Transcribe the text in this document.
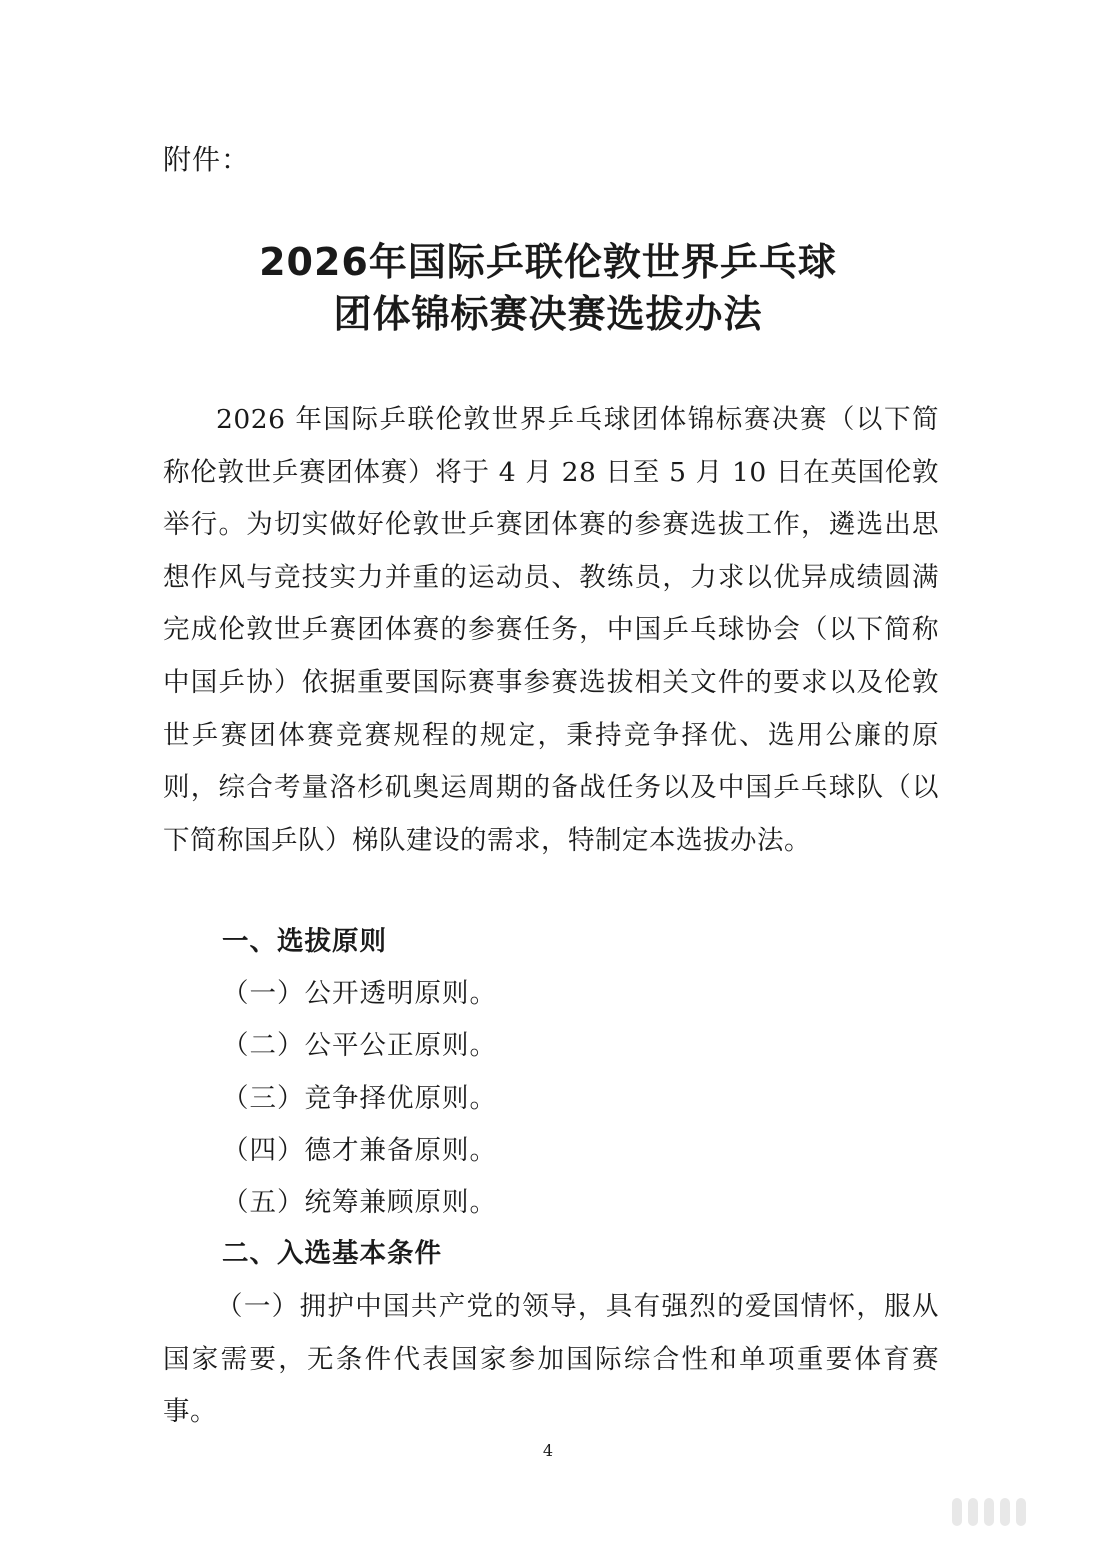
附件：
2026年国际乒联伦敦世界乒乓球
团体锦标赛决赛选拔办法

2026 年国际乒联伦敦世界乒乓球团体锦标赛决赛（以下简称伦敦世乒赛团体赛）将于 4 月 28 日至 5 月 10 日在英国伦敦举行。为切实做好伦敦世乒赛团体赛的参赛选拔工作，遴选出思想作风与竞技实力并重的运动员、教练员，力求以优异成绩圆满完成伦敦世乒赛团体赛的参赛任务，中国乒乓球协会（以下简称中国乒协）依据重要国际赛事参赛选拔相关文件的要求以及伦敦世乒赛团体赛竞赛规程的规定，秉持竞争择优、选用公廉的原则，综合考量洛杉矶奥运周期的备战任务以及中国乒乓球队（以下简称国乒队）梯队建设的需求，特制定本选拔办法。

一、选拔原则
（一）公开透明原则。
（二）公平公正原则。
（三）竞争择优原则。
（四）德才兼备原则。
（五）统筹兼顾原则。
二、入选基本条件

（一）拥护中国共产党的领导，具有强烈的爱国情怀，服从国家需要，无条件代表国家参加国际综合性和单项重要体育赛事。

4
